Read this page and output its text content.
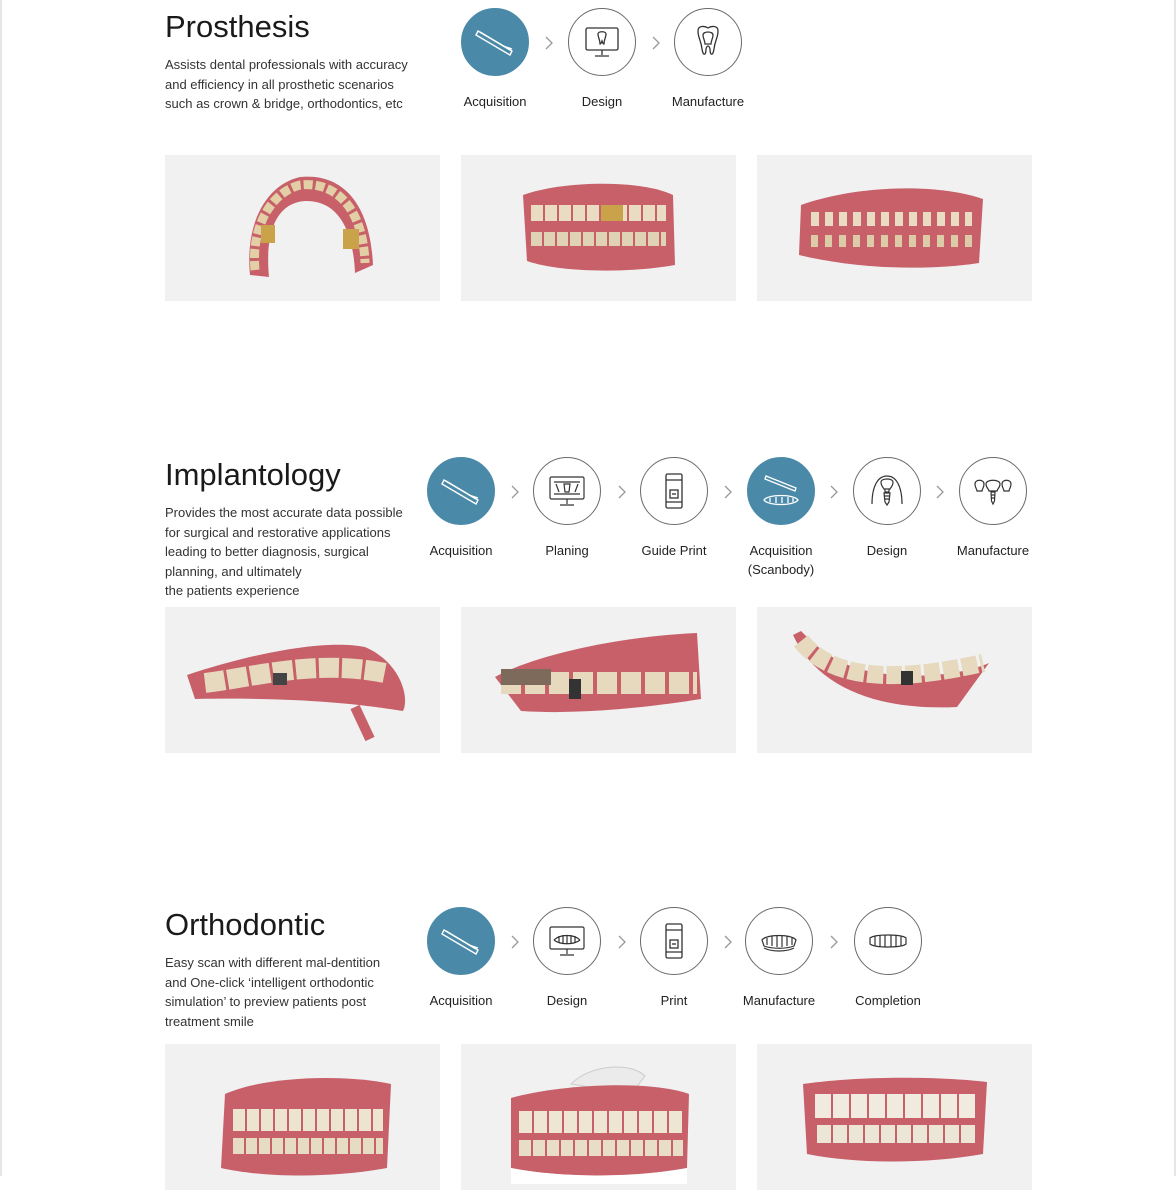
Prosthesis

Assists dental professionals with accuracy
and efficiency in all prosthetic scenarios
such as crown & bridge, orthodontics, etc	Acquisition	Design	Manufacture
Implantology

Provides the most accurate data possible
for surgical and restorative applications
leading to better diagnosis, surgical
planning, and ultimately
the patients experience

Acquisition	Planing	Guide Print	Acquisition
(Scanbody)
Design	Manufacture
Orthodontic

Easy scan with different mal-dentition
and One-click ‘intelligent orthodontic
simulation’ to preview patients post
treatment smile

Acquisition	Design	Print	Manufacture	Completion
